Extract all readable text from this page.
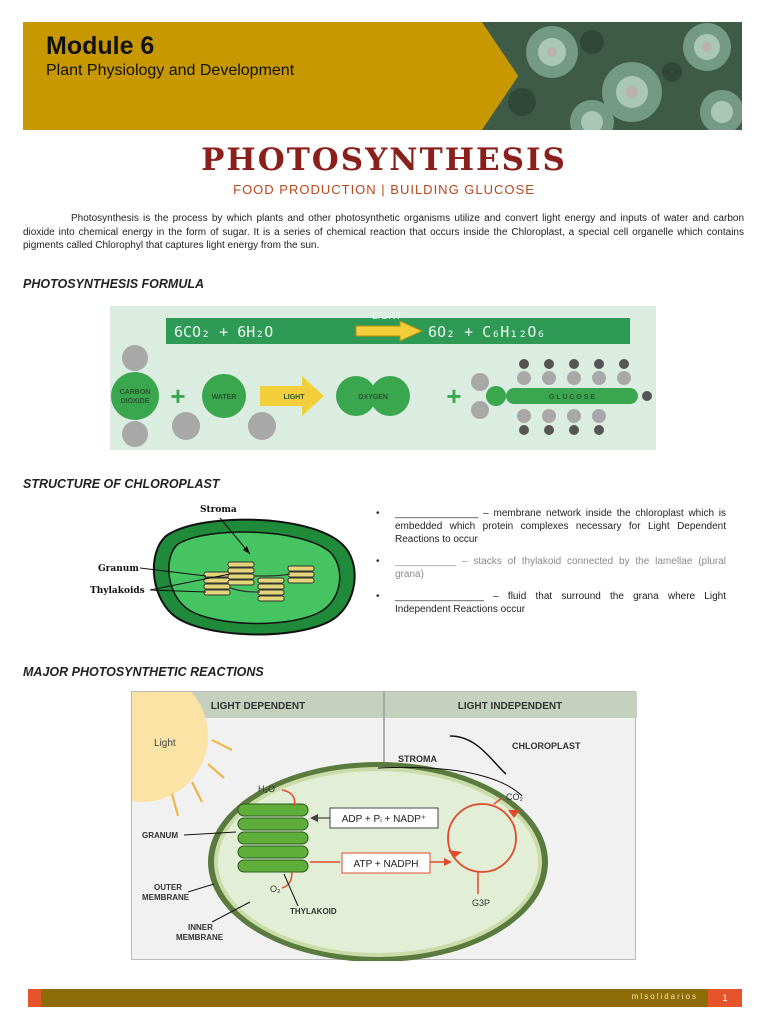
Module 6
Plant Physiology and Development
PHOTOSYNTHESIS
FOOD PRODUCTION | BUILDING GLUCOSE

Photosynthesis is the process by which plants and other photosynthetic organisms utilize and convert light energy and inputs of water and carbon dioxide into chemical energy in the form of sugar. It is a series of chemical reaction that occurs inside the Chloroplast, a special cell organelle which contains pigments called Chlorophyl that captures light energy from the sun.

PHOTOSYNTHESIS FORMULA
6CO₂ + 6H₂O
LIGHT
6O₂ + C₆H₁₂O₆
CARBON
DIOXIDE +	WATER	LIGHT	OXYGEN +	G L U C O S E
STRUCTURE OF CHLOROPLAST
Stroma
Granum
Thylakoids
• _______________ – membrane network inside the chloroplast which is embedded which protein complexes necessary for Light Dependent Reactions to occur
• ___________ – stacks of thylakoid connected by the lamellae (plural grana)
• ________________ – fluid that surround the grana where Light Independent Reactions occur
MAJOR PHOTOSYNTHETIC REACTIONS
LIGHT DEPENDENT	LIGHT INDEPENDENT
Light	CHLOROPLAST
STROMA
H₂O
O₂
ADP + Pᵢ + NADP⁺
ATP + NADPH
CO₂
G3P
GRANUM
OUTER
MEMBRANE
INNER
MEMBRANE
THYLAKOID
mlsolidarios	1
